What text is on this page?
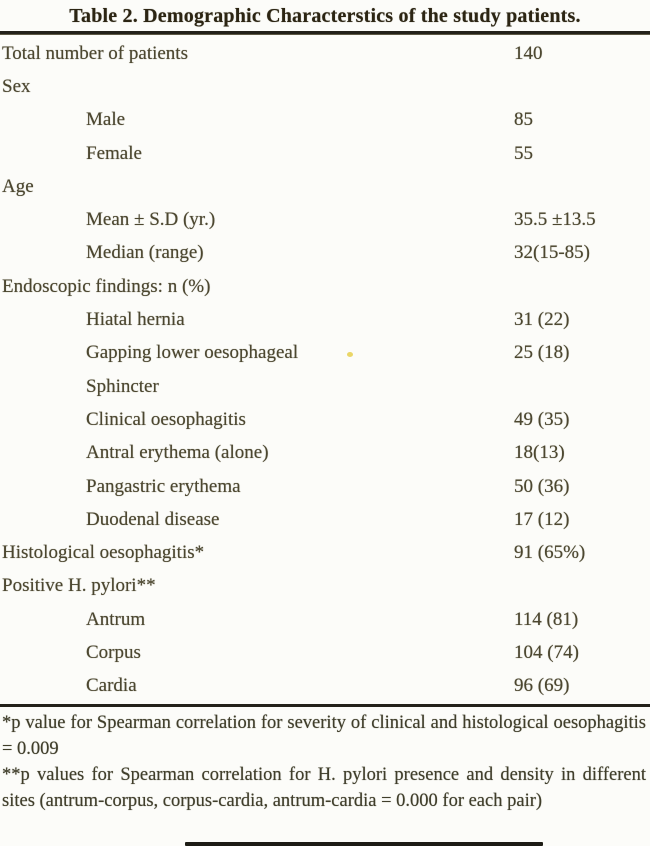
Table 2. Demographic Characterstics of the study patients.
Total number of patients	140
Sex
Male	85
Female	55
Age
Mean ± S.D (yr.)	35.5 ±13.5
Median (range)	32(15-85)
Endoscopic findings: n (%)
Hiatal hernia	31 (22)
Gapping lower oesophageal	25 (18)
Sphincter
Clinical oesophagitis	49 (35)
Antral erythema (alone)	18(13)
Pangastric erythema	50 (36)
Duodenal disease	17 (12)
Histological oesophagitis*	91 (65%)
Positive H. pylori**
Antrum	114 (81)
Corpus	104 (74)
Cardia	96 (69)

*p value for Spearman correlation for severity of clinical and histological oesophagitis = 0.009

**p values for Spearman correlation for H. pylori presence and density in different sites (antrum-corpus, corpus-cardia, antrum-cardia = 0.000 for each pair)
